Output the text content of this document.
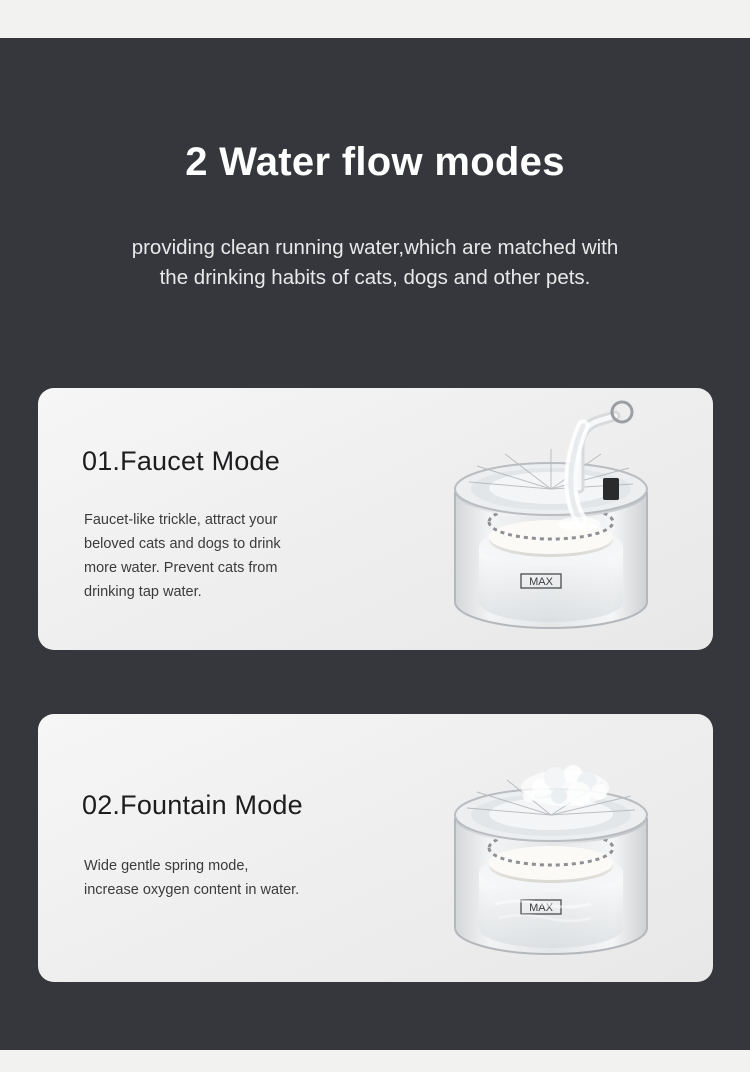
2 Water flow modes
providing clean running water,which are matched with
the drinking habits of cats, dogs and other pets.
01.Faucet Mode
Faucet-like trickle, attract your
beloved cats and dogs to drink
more water. Prevent cats from
drinking tap water.
MAX
02.Fountain Mode
Wide gentle spring mode,
increase oxygen content in water.
MAX
